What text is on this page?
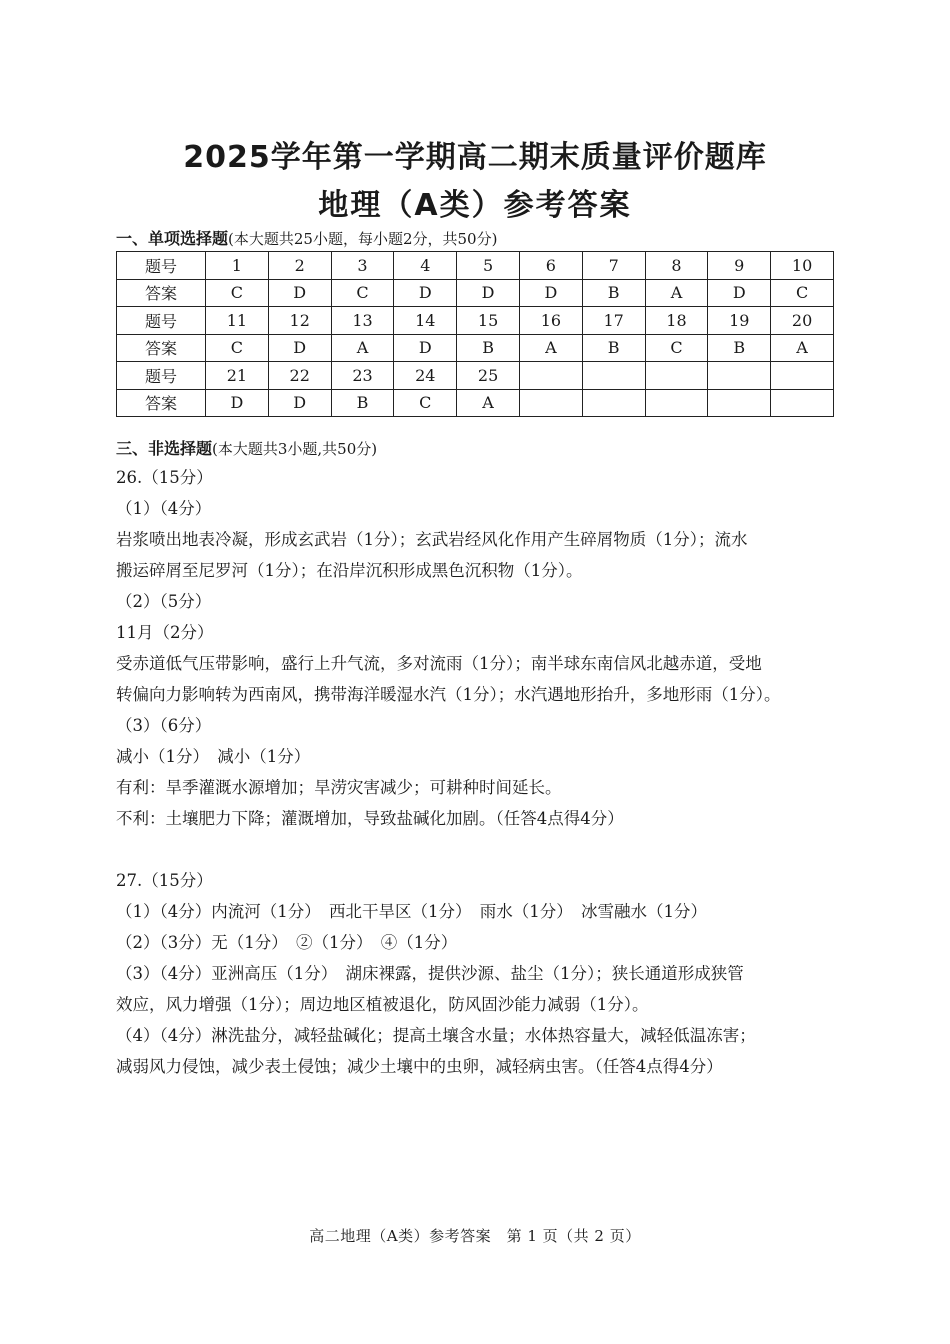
2025学年第一学期高二期末质量评价题库
地理（A类）参考答案
一、单项选择题(本大题共25小题，每小题2分，共50分)
题号	1	2	3	4	5	6	7	8	9	10
答案	C	D	C	D	D	D	B	A	D	C
题号	11	12	13	14	15	16	17	18	19	20
答案	C	D	A	D	B	A	B	C	B	A
题号	21	22	23	24	25					
答案	D	D	B	C	A					
三、非选择题(本大题共3小题,共50分)
26.（15分）
（1）（4分）
岩浆喷出地表冷凝，形成玄武岩（1分）；玄武岩经风化作用产生碎屑物质（1分）；流水
搬运碎屑至尼罗河（1分）；在沿岸沉积形成黑色沉积物（1分）。
（2）（5分）
11月（2分）
受赤道低气压带影响，盛行上升气流，多对流雨（1分）；南半球东南信风北越赤道，受地
转偏向力影响转为西南风，携带海洋暖湿水汽（1分）；水汽遇地形抬升，多地形雨（1分）。
（3）（6分）
减小（1分）　减小（1分）
有利：旱季灌溉水源增加；旱涝灾害减少；可耕种时间延长。
不利：土壤肥力下降；灌溉增加，导致盐碱化加剧。（任答4点得4分）
27.（15分）
（1）（4分）内流河（1分）　西北干旱区（1分）　雨水（1分）　冰雪融水（1分）
（2）（3分）无（1分）　②（1分）　④（1分）
（3）（4分）亚洲高压（1分）　湖床裸露，提供沙源、盐尘（1分）；狭长通道形成狭管
效应，风力增强（1分）；周边地区植被退化，防风固沙能力减弱（1分）。
（4）（4分）淋洗盐分，减轻盐碱化；提高土壤含水量；水体热容量大，减轻低温冻害；
减弱风力侵蚀，减少表土侵蚀；减少土壤中的虫卵，减轻病虫害。（任答4点得4分）
高二地理（A类）参考答案　第 1 页（共 2 页）
